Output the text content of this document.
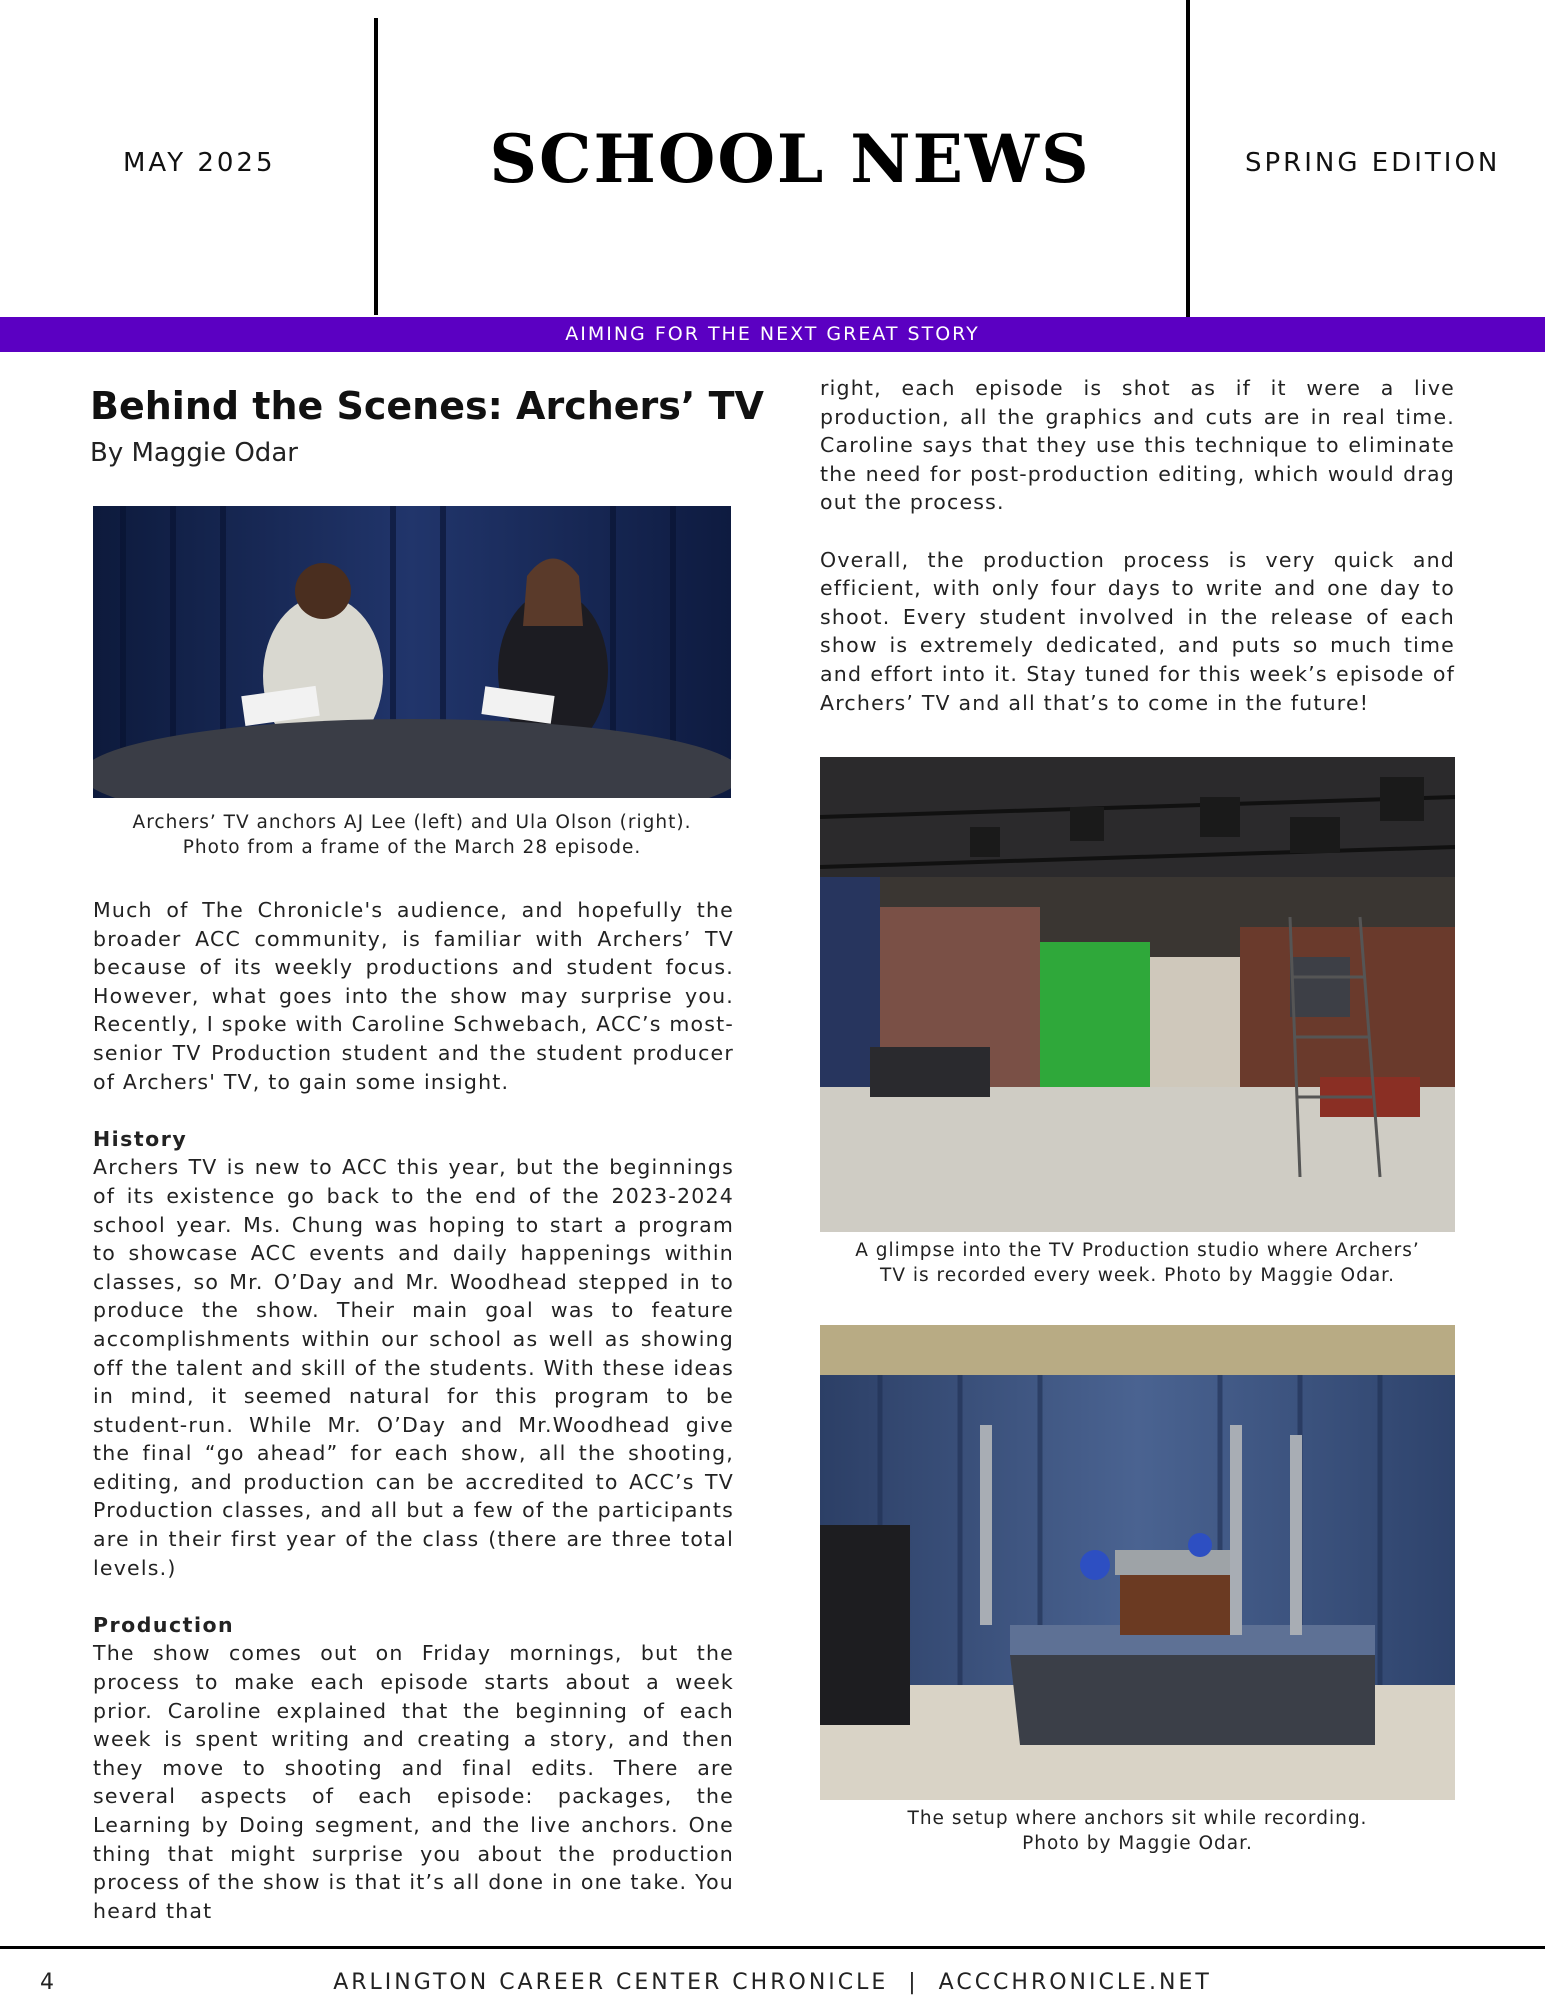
MAY 2025	SCHOOL NEWS	SPRING EDITION
AIMING FOR THE NEXT GREAT STORY
Behind the Scenes: Archers’ TV
By Maggie Odar
Archers’ TV anchors AJ Lee (left) and Ula Olson (right).
Photo from a frame of the March 28 episode.

Much of The Chronicle's audience, and hopefully the broader ACC community, is familiar with Archers’ TV because of its weekly productions and student focus. However, what goes into the show may surprise you. Recently, I spoke with Caroline Schwebach, ACC’s most-senior TV Production student and the student producer of Archers' TV, to gain some insight.

History

Archers TV is new to ACC this year, but the beginnings of its existence go back to the end of the 2023-2024 school year. Ms. Chung was hoping to start a program to showcase ACC events and daily happenings within classes, so Mr. O’Day and Mr. Woodhead stepped in to produce the show. Their main goal was to feature accomplishments within our school as well as showing off the talent and skill of the students. With these ideas in mind, it seemed natural for this program to be student-run. While Mr. O’Day and Mr.Woodhead give the final “go ahead” for each show, all the shooting, editing, and production can be accredited to ACC’s TV Production classes, and all but a few of the participants are in their first year of the class (there are three total levels.)

Production

The show comes out on Friday mornings, but the process to make each episode starts about a week prior. Caroline explained that the beginning of each week is spent writing and creating a story, and then they move to shooting and final edits. There are several aspects of each episode: packages, the Learning by Doing segment, and the live anchors. One thing that might surprise you about the production process of the show is that it’s all done in one take. You heard that

right, each episode is shot as if it were a live production, all the graphics and cuts are in real time. Caroline says that they use this technique to eliminate the need for post-production editing, which would drag out the process.

Overall, the production process is very quick and efficient, with only four days to write and one day to shoot. Every student involved in the release of each show is extremely dedicated, and puts so much time and effort into it. Stay tuned for this week’s episode of Archers’ TV and all that’s to come in the future!

A glimpse into the TV Production studio where Archers’
TV is recorded every week. Photo by Maggie Odar.
The setup where anchors sit while recording.
Photo by Maggie Odar.
4	ARLINGTON CAREER CENTER CHRONICLE  |  ACCCHRONICLE.NET
